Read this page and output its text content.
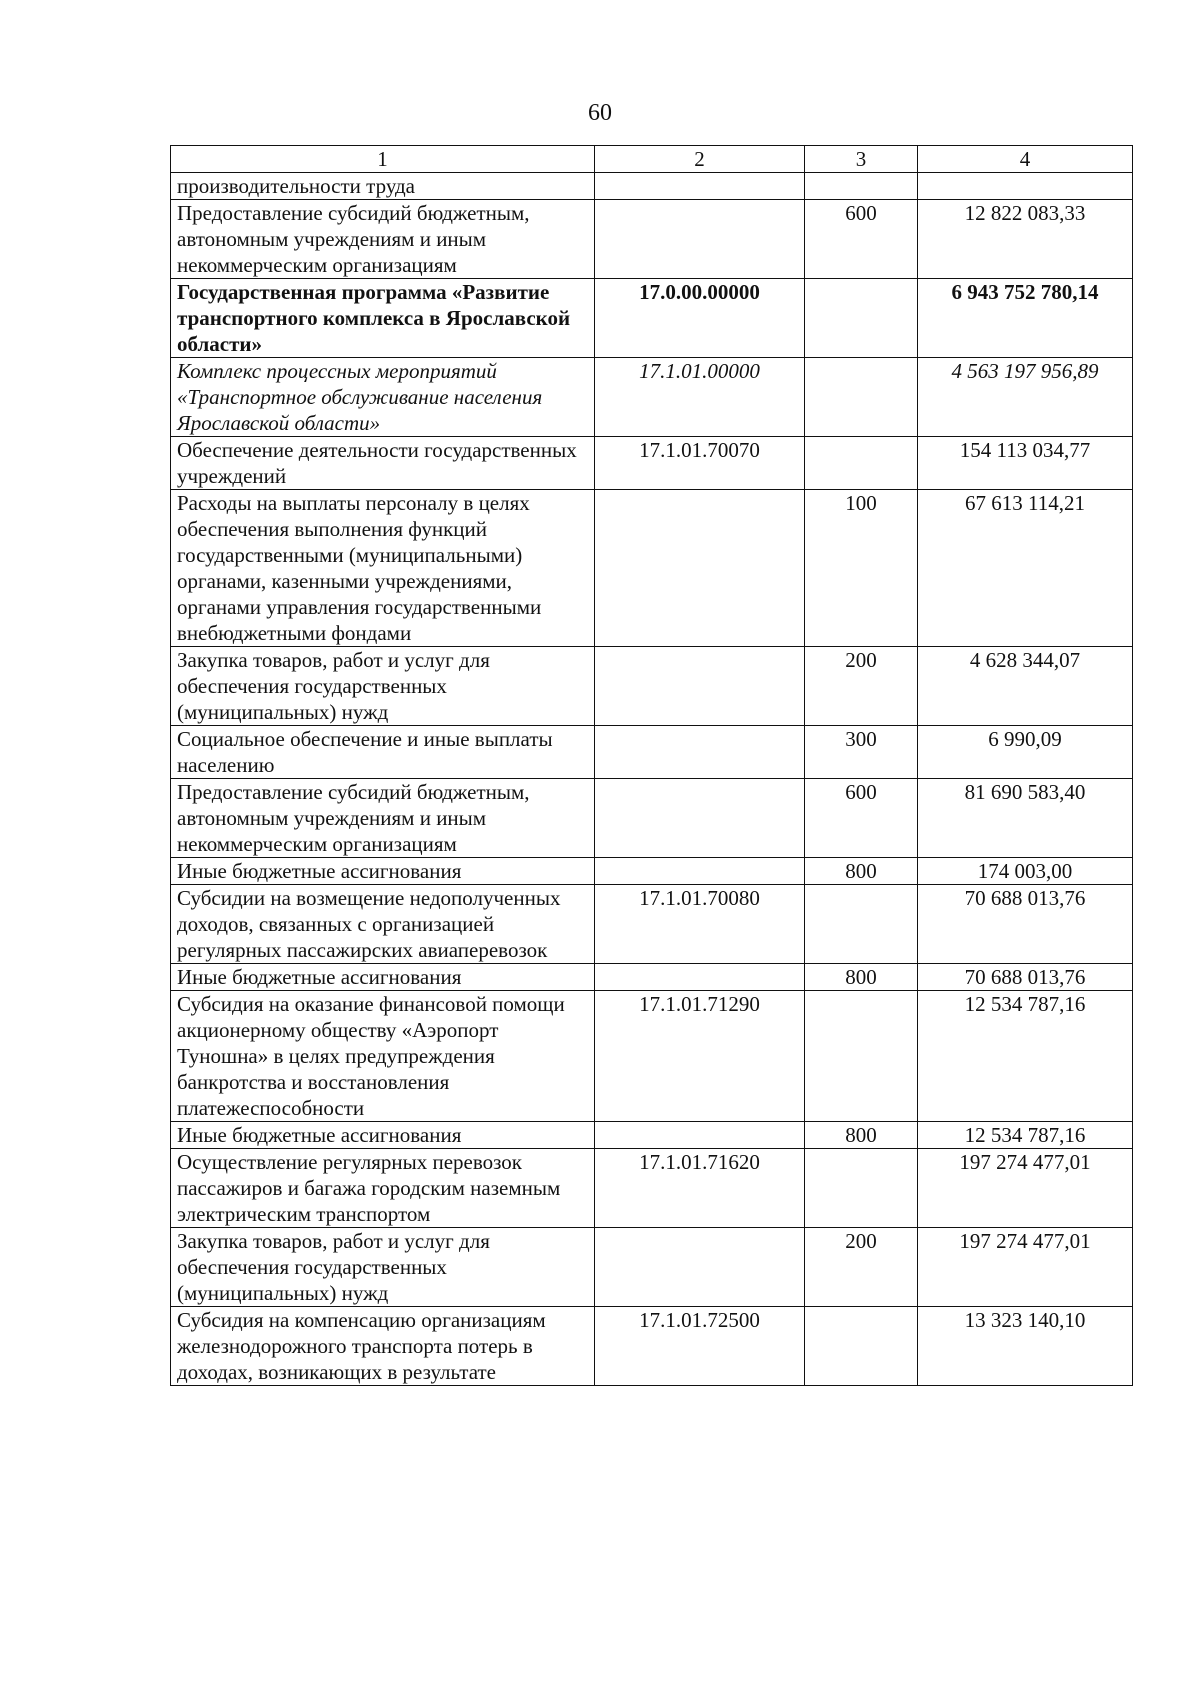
60
1	2	3	4
производительности труда			
Предоставление субсидий бюджетным, автономным учреждениям и иным некоммерческим организациям		600	12 822 083,33
Государственная программа «Развитие транспортного комплекса в Ярославской области»	17.0.00.00000		6 943 752 780,14
Комплекс процессных мероприятий «Транспортное обслуживание населения Ярославской области»	17.1.01.00000		4 563 197 956,89
Обеспечение деятельности государственных учреждений	17.1.01.70070		154 113 034,77
Расходы на выплаты персоналу в целях обеспечения выполнения функций государственными (муниципальными) органами, казенными учреждениями, органами управления государственными внебюджетными фондами		100	67 613 114,21
Закупка товаров, работ и услуг для обеспечения государственных (муниципальных) нужд		200	4 628 344,07
Социальное обеспечение и иные выплаты населению		300	6 990,09
Предоставление субсидий бюджетным, автономным учреждениям и иным некоммерческим организациям		600	81 690 583,40
Иные бюджетные ассигнования		800	174 003,00
Субсидии на возмещение недополученных доходов, связанных с организацией регулярных пассажирских авиаперевозок	17.1.01.70080		70 688 013,76
Иные бюджетные ассигнования		800	70 688 013,76
Субсидия на оказание финансовой помощи акционерному обществу «Аэропорт Туношна» в целях предупреждения банкротства и восстановления платежеспособности	17.1.01.71290		12 534 787,16
Иные бюджетные ассигнования		800	12 534 787,16
Осуществление регулярных перевозок пассажиров и багажа городским наземным электрическим транспортом	17.1.01.71620		197 274 477,01
Закупка товаров, работ и услуг для обеспечения государственных (муниципальных) нужд		200	197 274 477,01
Субсидия на компенсацию организациям железнодорожного транспорта потерь в доходах, возникающих в результате	17.1.01.72500		13 323 140,10
